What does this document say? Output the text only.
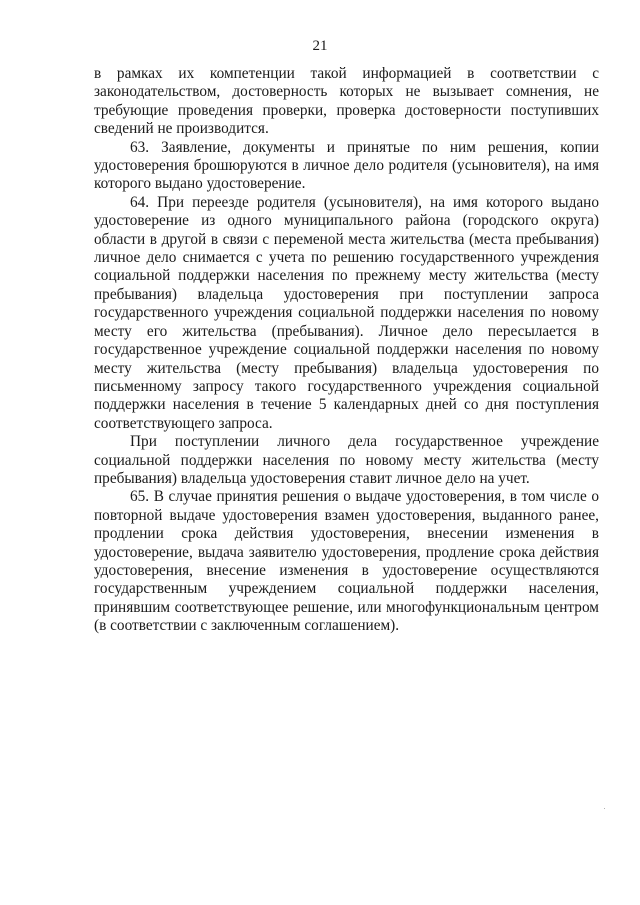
21

в рамках их компетенции такой информацией в соответствии с законодательством, достоверность которых не вызывает сомнения, не требующие проведения проверки, проверка достоверности поступивших сведений не производится.

63. Заявление, документы и принятые по ним решения, копии удостоверения брошюруются в личное дело родителя (усыновителя), на имя которого выдано удостоверение.

64. При переезде родителя (усыновителя), на имя которого выдано удостоверение из одного муниципального района (городского округа) области в другой в связи с переменой места жительства (места пребывания) личное дело снимается с учета по решению государственного учреждения социальной поддержки населения по прежнему месту жительства (месту пребывания) владельца удостоверения при поступлении запроса государственного учреждения социальной поддержки населения по новому месту его жительства (пребывания). Личное дело пересылается в государственное учреждение социальной поддержки населения по новому месту жительства (месту пребывания) владельца удостоверения по письменному запросу такого государственного учреждения социальной поддержки населения в течение 5 календарных дней со дня поступления соответствующего запроса.

При поступлении личного дела государственное учреждение социальной поддержки населения по новому месту жительства (месту пребывания) владельца удостоверения ставит личное дело на учет.

65. В случае принятия решения о выдаче удостоверения, в том числе о повторной выдаче удостоверения взамен удостоверения, выданного ранее, продлении срока действия удостоверения, внесении изменения в удостоверение, выдача заявителю удостоверения, продление срока действия удостоверения, внесение изменения в удостоверение осуществляются государственным учреждением социальной поддержки населения, принявшим соответствующее решение, или многофункциональным центром (в соответствии с заключенным соглашением).
